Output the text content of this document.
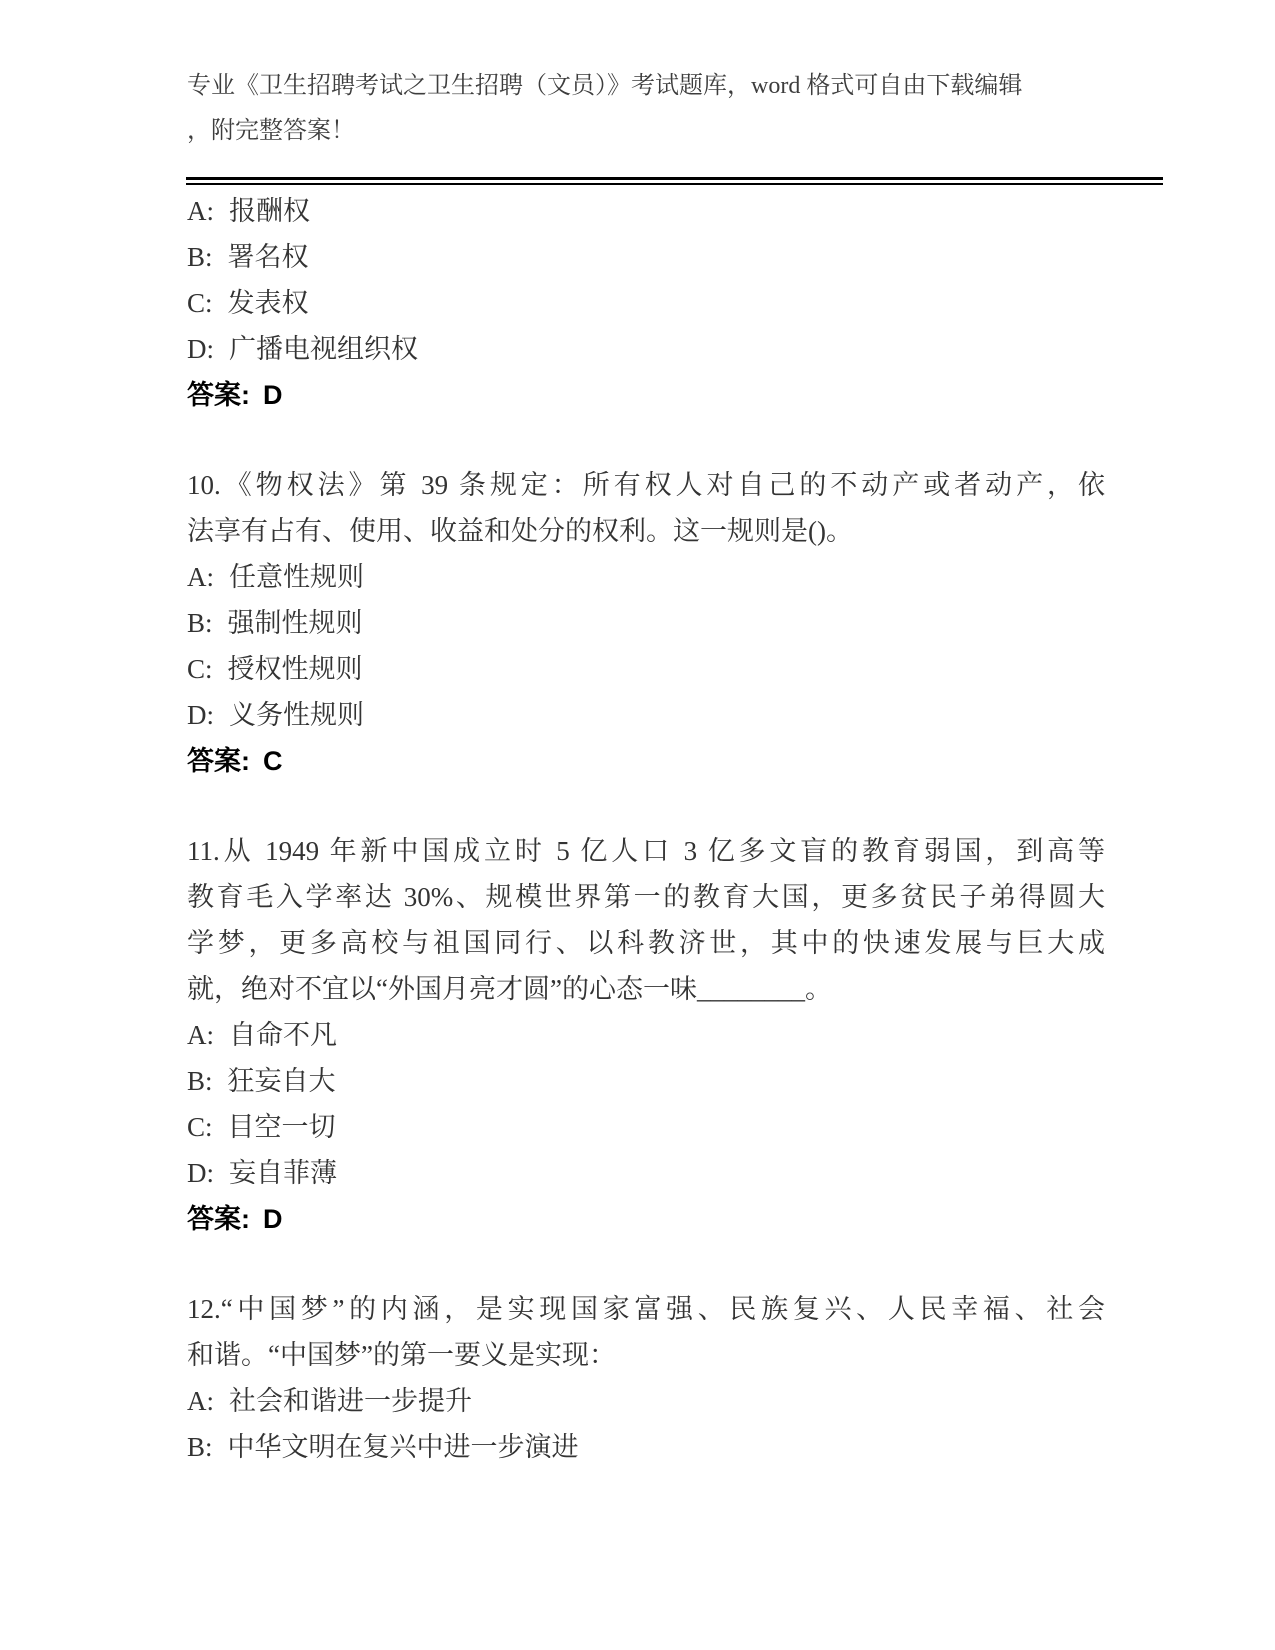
专业《卫生招聘考试之卫生招聘（文员）》考试题库，word 格式可自由下载编辑
，附完整答案！
A: 报酬权
B: 署名权
C: 发表权
D: 广播电视组织权
答案: D
10.《物权法》第 39 条规定：所有权人对自己的不动产或者动产，依
法享有占有、使用、收益和处分的权利。这一规则是()。
A: 任意性规则
B: 强制性规则
C: 授权性规则
D: 义务性规则
答案: C
11.从 1949 年新中国成立时 5 亿人口 3 亿多文盲的教育弱国，到高等
教育毛入学率达 30%、规模世界第一的教育大国，更多贫民子弟得圆大
学梦，更多高校与祖国同行、以科教济世，其中的快速发展与巨大成
就，绝对不宜以“外国月亮才圆”的心态一味________。
A: 自命不凡
B: 狂妄自大
C: 目空一切
D: 妄自菲薄
答案: D
12.“中国梦”的内涵，是实现国家富强、民族复兴、人民幸福、社会
和谐。“中国梦”的第一要义是实现：
A: 社会和谐进一步提升
B: 中华文明在复兴中进一步演进
